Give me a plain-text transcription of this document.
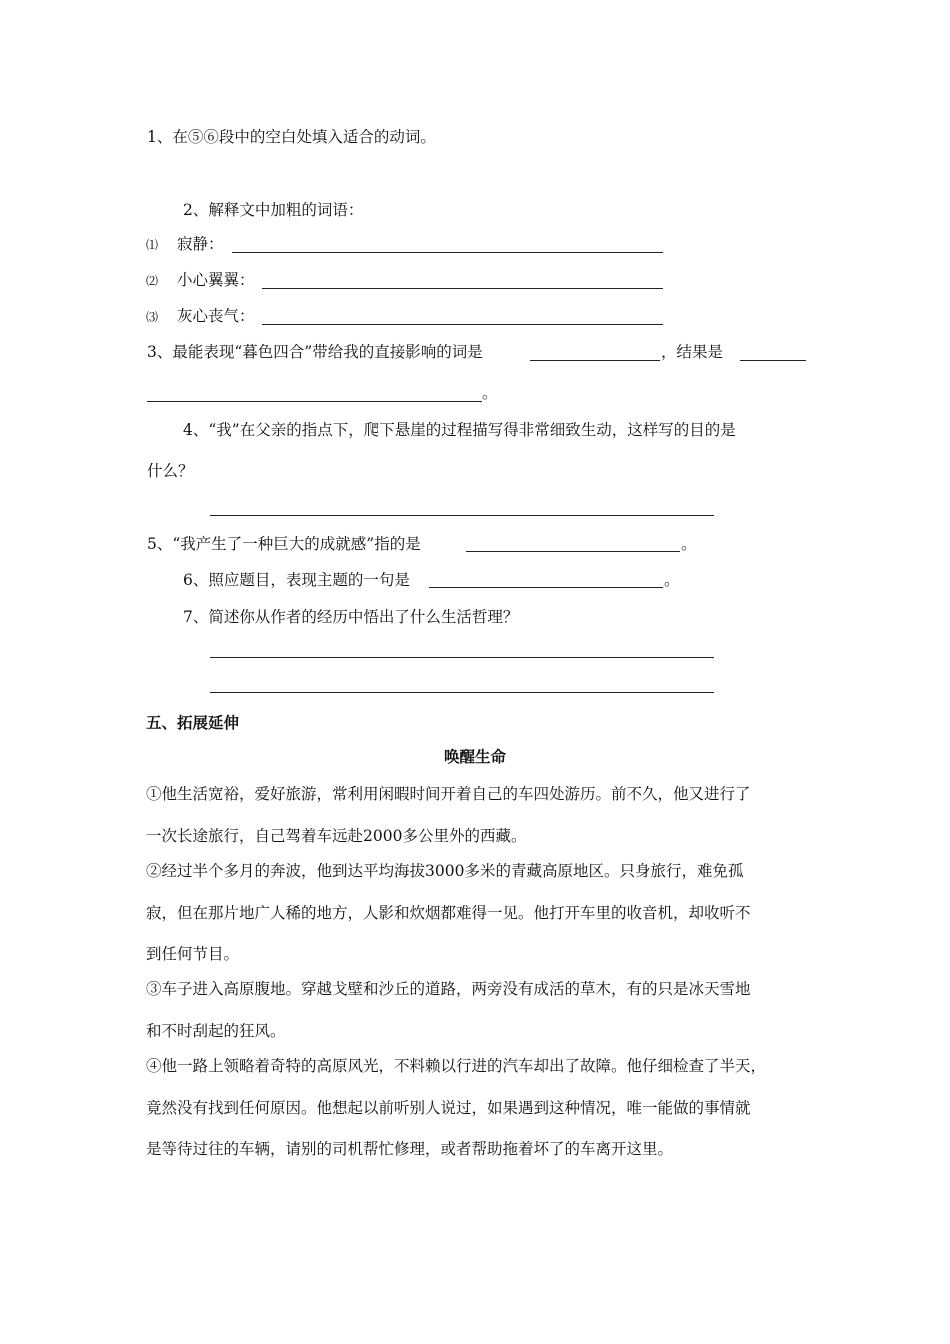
1、在⑤⑥段中的空白处填入适合的动词。
2、解释文中加粗的词语：
⑴ 寂静：
⑵ 小心翼翼：
⑶ 灰心丧气：
3、最能表现“暮色四合”带给我的直接影响的词是	，结果是
。
4、“我”在父亲的指点下，爬下悬崖的过程描写得非常细致生动，这样写的目的是
什么？
5、“我产生了一种巨大的成就感”指的是	。
6、照应题目，表现主题的一句是	。
7、简述你从作者的经历中悟出了什么生活哲理？
五、拓展延伸
唤醒生命
①他生活宽裕，爱好旅游，常利用闲暇时间开着自己的车四处游历。前不久，他又进行了
一次长途旅行，自己驾着车远赴2000多公里外的西藏。
②经过半个多月的奔波，他到达平均海拔3000多米的青藏高原地区。只身旅行，难免孤
寂，但在那片地广人稀的地方，人影和炊烟都难得一见。他打开车里的收音机，却收听不
到任何节目。
③车子进入高原腹地。穿越戈壁和沙丘的道路，两旁没有成活的草木，有的只是冰天雪地
和不时刮起的狂风。
④他一路上领略着奇特的高原风光，不料赖以行进的汽车却出了故障。他仔细检查了半天，
竟然没有找到任何原因。他想起以前听别人说过，如果遇到这种情况，唯一能做的事情就
是等待过往的车辆，请别的司机帮忙修理，或者帮助拖着坏了的车离开这里。
